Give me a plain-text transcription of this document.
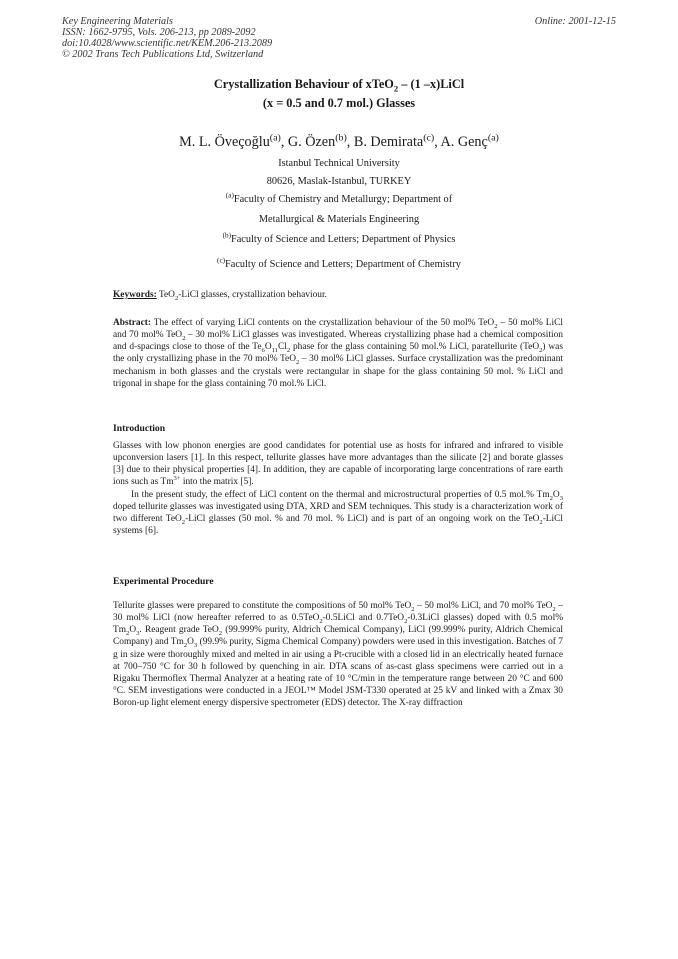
Key Engineering Materials
ISSN: 1662-9795, Vols. 206-213, pp 2089-2092
doi:10.4028/www.scientific.net/KEM.206-213.2089
© 2002 Trans Tech Publications Ltd, Switzerland
Online: 2001-12-15
Crystallization Behaviour of xTeO$_2$ – (1 –x)LiCl
(x = 0.5 and 0.7 mol.) Glasses
M. L. Öveçoğlu$^{(a)}$, G. Özen$^{(b)}$, B. Demirata$^{(c)}$, A. Genç$^{(a)}$
Istanbul Technical University
80626, Maslak-Istanbul, TURKEY
$^{(a)}$Faculty of Chemistry and Metallurgy; Department of
Metallurgical & Materials Engineering
$^{(b)}$Faculty of Science and Letters; Department of Physics
$^{(c)}$Faculty of Science and Letters; Department of Chemistry
Keywords: TeO$_2$-LiCl glasses, crystallization behaviour.

Abstract: The effect of varying LiCl contents on the crystallization behaviour of the 50 mol% TeO$_2$ – 50 mol% LiCl and 70 mol% TeO$_2$ – 30 mol% LiCl glasses was investigated. Whereas crystallizing phase had a chemical composition and d-spacings close to those of the $Te_6O_{11}Cl_2$ phase for the glass containing 50 mol.% LiCl, paratellurite (TeO$_2$) was the only crystallizing phase in the 70 mol% TeO$_2$ – 30 mol% LiCl glasses. Surface crystallization was the predominant mechanism in both glasses and the crystals were rectangular in shape for the glass containing 50 mol. % LiCl and trigonal in shape for the glass containing 70 mol.% LiCl.

Introduction

Glasses with low phonon energies are good candidates for potential use as hosts for infrared and infrared to visible upconversion lasers [1]. In this respect, tellurite glasses have more advantages than the silicate [2] and borate glasses [3] due to their physical properties [4]. In addition, they are capable of incorporating large concentrations of rare earth ions such as $Tm^{3+}$ into the matrix [5].

In the present study, the effect of LiCl content on the thermal and microstructural properties of 0.5 mol.% $Tm_2O_3$ doped tellurite glasses was investigated using DTA, XRD and SEM techniques. This study is a characterization work of two different TeO$_2$-LiCl glasses (50 mol. % and 70 mol. % LiCl) and is part of an ongoing work on the TeO$_2$-LiCl systems [6].

Experimental Procedure

Tellurite glasses were prepared to constitute the compositions of 50 mol% TeO$_2$ – 50 mol% LiCl, and 70 mol% TeO$_2$ – 30 mol% LiCl (now hereafter referred to as 0.5TeO$_2$-0.5LiCl and 0.7TeO$_2$-0.3LiCl glasses) doped with 0.5 mol% $Tm_2O_3$. Reagent grade TeO$_2$ (99.999% purity, Aldrich Chemical Company), LiCl (99.999% purity, Aldrich Chemical Company) and $Tm_2O_3$ (99.9% purity, Sigma Chemical Company) powders were used in this investigation. Batches of 7 g in size were thoroughly mixed and melted in air using a Pt-crucible with a closed lid in an electrically heated furnace at 700–750 °C for 30 h followed by quenching in air. DTA scans of as-cast glass specimens were carried out in a Rigaku Thermoflex Thermal Analyzer at a heating rate of 10 °C/min in the temperature range between 20 °C and 600 °C. SEM investigations were conducted in a JEOL™ Model JSM-T330 operated at 25 kV and linked with a Zmax 30 Boron-up light element energy dispersive spectrometer (EDS) detector. The X-ray diffraction
